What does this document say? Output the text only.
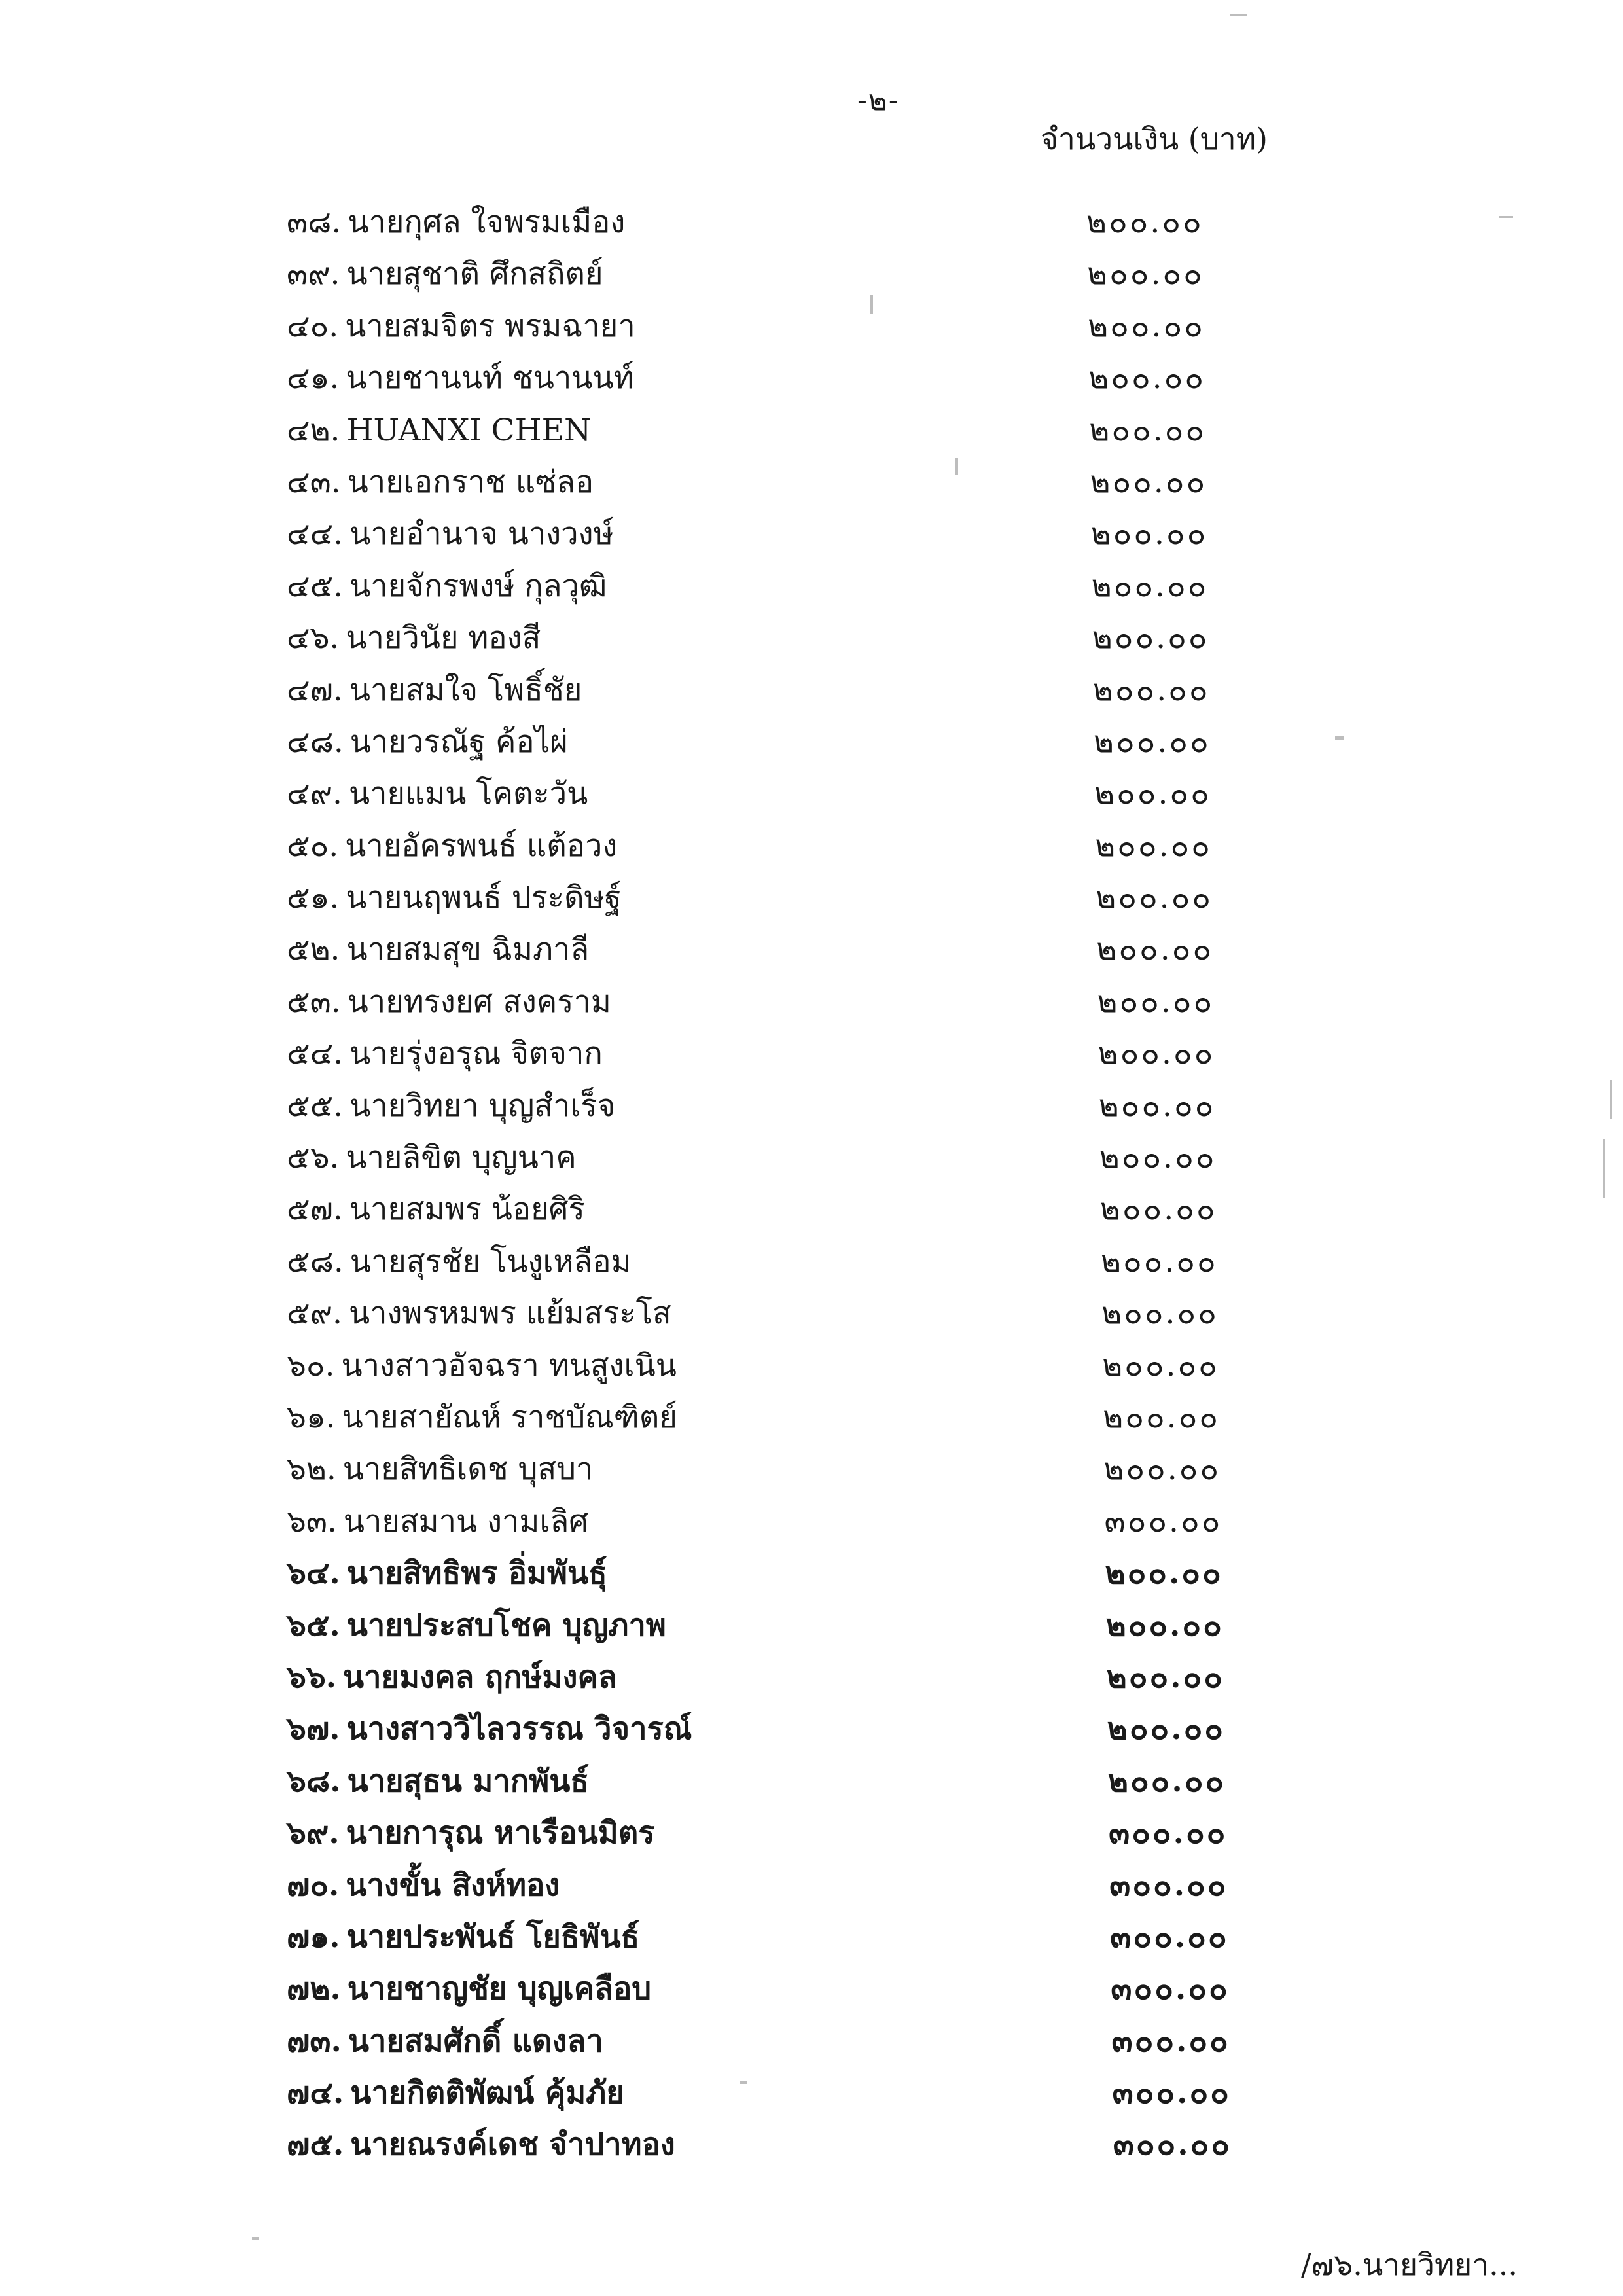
-๒-
จำนวนเงิน (บาท)
๓๘. นายกุศล ใจพรมเมือง	๒๐๐.๐๐
๓๙. นายสุชาติ ศึกสถิตย์	๒๐๐.๐๐
๔๐. นายสมจิตร พรมฉายา	๒๐๐.๐๐
๔๑. นายชานนท์ ชนานนท์	๒๐๐.๐๐
๔๒. HUANXI CHEN	๒๐๐.๐๐
๔๓. นายเอกราช แซ่ลอ	๒๐๐.๐๐
๔๔. นายอำนาจ นางวงษ์	๒๐๐.๐๐
๔๕. นายจักรพงษ์ กุลวุฒิ	๒๐๐.๐๐
๔๖. นายวินัย ทองสี	๒๐๐.๐๐
๔๗. นายสมใจ โพธิ์ชัย	๒๐๐.๐๐
๔๘. นายวรณัฐ ค้อไผ่	๒๐๐.๐๐
๔๙. นายแมน โคตะวัน	๒๐๐.๐๐
๕๐. นายอัครพนธ์ แต้อวง	๒๐๐.๐๐
๕๑. นายนฤพนธ์ ประดิษฐ์	๒๐๐.๐๐
๕๒. นายสมสุข ฉิมภาลี	๒๐๐.๐๐
๕๓. นายทรงยศ สงคราม	๒๐๐.๐๐
๕๔. นายรุ่งอรุณ จิตจาก	๒๐๐.๐๐
๕๕. นายวิทยา บุญสำเร็จ	๒๐๐.๐๐
๕๖. นายลิขิต บุญนาค	๒๐๐.๐๐
๕๗. นายสมพร น้อยศิริ	๒๐๐.๐๐
๕๘. นายสุรชัย โนงูเหลือม	๒๐๐.๐๐
๕๙. นางพรหมพร แย้มสระโส	๒๐๐.๐๐
๖๐. นางสาวอัจฉรา ทนสูงเนิน	๒๐๐.๐๐
๖๑. นายสายัณห์ ราชบัณฑิตย์	๒๐๐.๐๐
๖๒. นายสิทธิเดช บุสบา	๒๐๐.๐๐
๖๓. นายสมาน งามเลิศ	๓๐๐.๐๐
๖๔. นายสิทธิพร อิ่มพันธุ์	๒๐๐.๐๐
๖๕. นายประสบโชค บุญภาพ	๒๐๐.๐๐
๖๖. นายมงคล ฤกษ์มงคล	๒๐๐.๐๐
๖๗. นางสาววิไลวรรณ วิจารณ์	๒๐๐.๐๐
๖๘. นายสุธน มากพันธ์	๒๐๐.๐๐
๖๙. นายการุณ หาเรือนมิตร	๓๐๐.๐๐
๗๐. นางขั้น สิงห์ทอง	๓๐๐.๐๐
๗๑. นายประพันธ์ โยธิพันธ์	๓๐๐.๐๐
๗๒. นายชาญชัย บุญเคลือบ	๓๐๐.๐๐
๗๓. นายสมศักดิ์ แดงลา	๓๐๐.๐๐
๗๔. นายกิตติพัฒน์ คุ้มภัย	๓๐๐.๐๐
๗๕. นายณรงค์เดช จำปาทอง	๓๐๐.๐๐
/๗๖.นายวิทยา...
